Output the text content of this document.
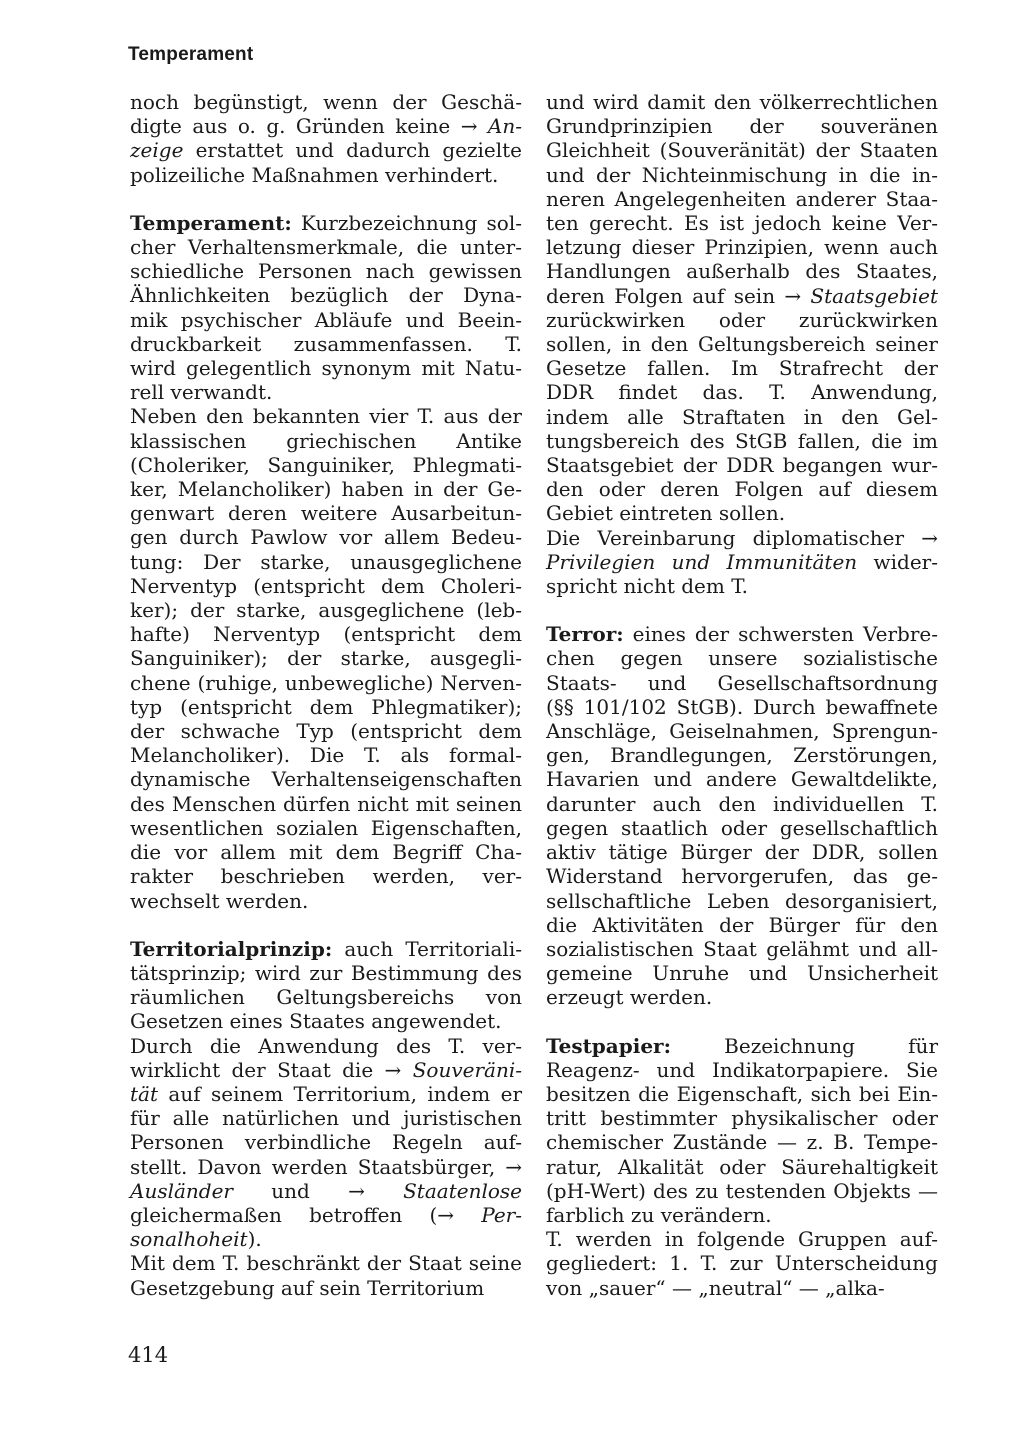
Temperament
noch begünstigt, wenn der Geschä-
digte aus o. g. Gründen keine → An-
zeige erstattet und dadurch gezielte
polizeiliche Maßnahmen verhindert.
Temperament: Kurzbezeichnung sol-
cher Verhaltensmerkmale, die unter-
schiedliche Personen nach gewissen
Ähnlichkeiten bezüglich der Dyna-
mik psychischer Abläufe und Beein-
druckbarkeit zusammenfassen. T.
wird gelegentlich synonym mit Natu-
rell verwandt.
Neben den bekannten vier T. aus der
klassischen griechischen Antike
(Choleriker, Sanguiniker, Phlegmati-
ker, Melancholiker) haben in der Ge-
genwart deren weitere Ausarbeitun-
gen durch Pawlow vor allem Bedeu-
tung: Der starke, unausgeglichene
Nerventyp (entspricht dem Choleri-
ker); der starke, ausgeglichene (leb-
hafte) Nerventyp (entspricht dem
Sanguiniker); der starke, ausgegli-
chene (ruhige, unbewegliche) Nerven-
typ (entspricht dem Phlegmatiker);
der schwache Typ (entspricht dem
Melancholiker). Die T. als formal-
dynamische Verhaltenseigenschaften
des Menschen dürfen nicht mit seinen
wesentlichen sozialen Eigenschaften,
die vor allem mit dem Begriff Cha-
rakter beschrieben werden, ver-
wechselt werden.
Territorialprinzip: auch Territoriali-
tätsprinzip; wird zur Bestimmung des
räumlichen Geltungsbereichs von
Gesetzen eines Staates angewendet.
Durch die Anwendung des T. ver-
wirklicht der Staat die → Souveräni-
tät auf seinem Territorium, indem er
für alle natürlichen und juristischen
Personen verbindliche Regeln auf-
stellt. Davon werden Staatsbürger, →
Ausländer und → Staatenlose
gleichermaßen betroffen (→ Per-
sonalhoheit).
Mit dem T. beschränkt der Staat seine
Gesetzgebung auf sein Territorium
und wird damit den völkerrechtlichen
Grundprinzipien der souveränen
Gleichheit (Souveränität) der Staaten
und der Nichteinmischung in die in-
neren Angelegenheiten anderer Staa-
ten gerecht. Es ist jedoch keine Ver-
letzung dieser Prinzipien, wenn auch
Handlungen außerhalb des Staates,
deren Folgen auf sein → Staatsgebiet
zurückwirken oder zurückwirken
sollen, in den Geltungsbereich seiner
Gesetze fallen. Im Strafrecht der
DDR findet das. T. Anwendung,
indem alle Straftaten in den Gel-
tungsbereich des StGB fallen, die im
Staatsgebiet der DDR begangen wur-
den oder deren Folgen auf diesem
Gebiet eintreten sollen.
Die Vereinbarung diplomatischer →
Privilegien und Immunitäten wider-
spricht nicht dem T.
Terror: eines der schwersten Verbre-
chen gegen unsere sozialistische
Staats- und Gesellschaftsordnung
(§§ 101/102 StGB). Durch bewaffnete
Anschläge, Geiselnahmen, Sprengun-
gen, Brandlegungen, Zerstörungen,
Havarien und andere Gewaltdelikte,
darunter auch den individuellen T.
gegen staatlich oder gesellschaftlich
aktiv tätige Bürger der DDR, sollen
Widerstand hervorgerufen, das ge-
sellschaftliche Leben desorganisiert,
die Aktivitäten der Bürger für den
sozialistischen Staat gelähmt und all-
gemeine Unruhe und Unsicherheit
erzeugt werden.
Testpapier: Bezeichnung für
Reagenz- und Indikatorpapiere. Sie
besitzen die Eigenschaft, sich bei Ein-
tritt bestimmter physikalischer oder
chemischer Zustände — z. B. Tempe-
ratur, Alkalität oder Säurehaltigkeit
(pH-Wert) des zu testenden Objekts —
farblich zu verändern.
T. werden in folgende Gruppen auf-
gegliedert: 1. T. zur Unterscheidung
von „sauer“ — „neutral“ — „alka-
414
